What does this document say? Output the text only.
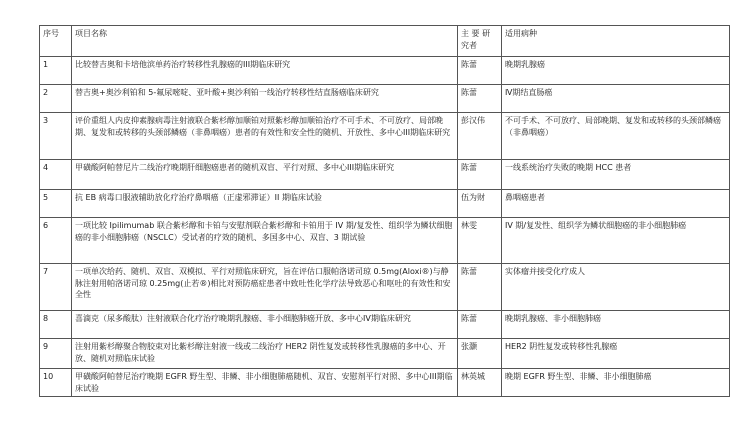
序号	项目名称	主 要 研究者	适用病种
1	比较替吉奥和卡培他滨单药治疗转移性乳腺癌的III期临床研究	陈蕾	晚期乳腺癌
2	替吉奥+奥沙利铂和 5-氟尿嘧啶、亚叶酸+奥沙利铂一线治疗转移性结直肠癌临床研究	陈蕾	Ⅳ期结直肠癌
3	评价重组人内皮抑素腺病毒注射液联合紫杉醇加顺铂对照紫杉醇加顺铂治疗不可手术、不可放疗、局部晚期、复发和或转移的头颈部鳞癌（非鼻咽癌）患者的有效性和安全性的随机、开放性、多中心III期临床研究	彭汉伟	不可手术、不可放疗、局部晚期、复发和或转移的头颈部鳞癌（非鼻咽癌）
4	甲磺酸阿帕替尼片二线治疗晚期肝细胞癌患者的随机双盲、平行对照、多中心III期临床研究	陈蕾	一线系统治疗失败的晚期 HCC 患者
5	抗 EB 病毒口服液辅助放化疗治疗鼻咽癌（正虚邪滞证）II 期临床试验	伍为财	鼻咽癌患者
6	一项比较 Ipilimumab 联合紫杉醇和卡铂与安慰剂联合紫杉醇和卡铂用于 IV 期/复发性、组织学为鳞状细胞癌的非小细胞肺癌（NSCLC）受试者的疗效的随机、多国多中心、双盲、3 期试验	林雯	IV 期/复发性、组织学为鳞状细胞癌的非小细胞肺癌
7	一项单次给药、随机、双盲、双模拟、平行对照临床研究，旨在评估口服帕洛诺司琼 0.5mg(Aloxi®)与静脉注射用帕洛诺司琼 0.25mg(止若®)相比对预防癌症患者中致吐性化学疗法导致恶心和呕吐的有效性和安全性	陈蕾	实体瘤并接受化疗成人
8	喜滴克（尿多酸肽）注射液联合化疗治疗晚期乳腺癌、非小细胞肺癌开放、多中心IV期临床研究	陈蕾	晚期乳腺癌、非小细胞肺癌
9	注射用紫杉醇聚合物胶束对比紫杉醇注射液一线或二线治疗 HER2 阴性复发或转移性乳腺癌的多中心、开放、随机对照临床试验	张灏	HER2 阴性复发或转移性乳腺癌
10	甲磺酸阿帕替尼治疗晚期 EGFR 野生型、非鳞、非小细胞肺癌随机、双盲、安慰剂平行对照、多中心III期临床试验	林英城	晚期 EGFR 野生型、非鳞、非小细胞肺癌
